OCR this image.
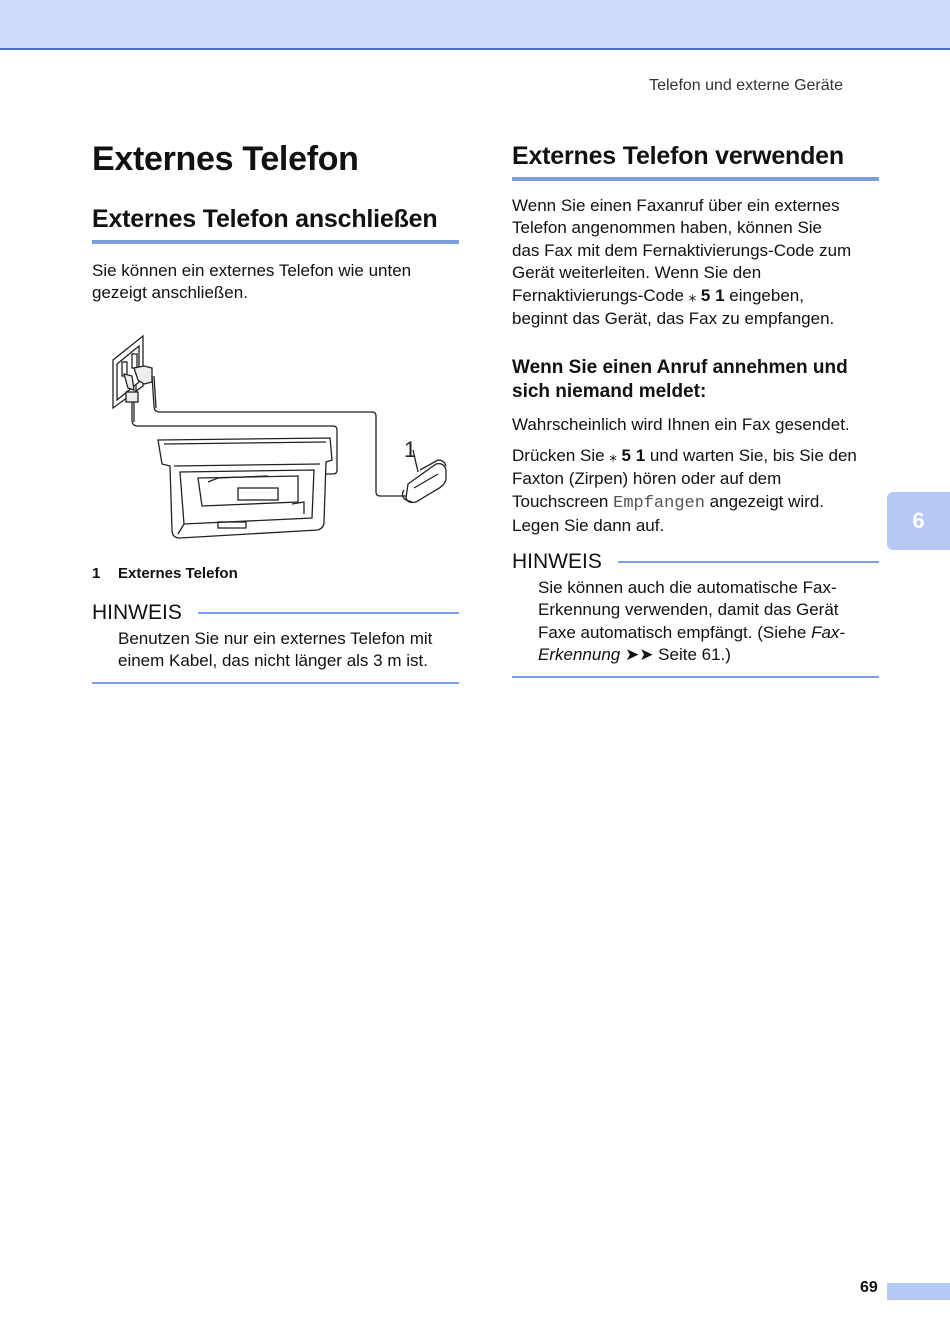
Telefon und externe Geräte
Externes Telefon
Externes Telefon anschließen
Sie können ein externes Telefon wie unten
gezeigt anschließen.
1
1 Externes Telefon
HINWEIS
Benutzen Sie nur ein externes Telefon mit
einem Kabel, das nicht länger als 3 m ist.
Externes Telefon verwenden
Wenn Sie einen Faxanruf über ein externes
Telefon angenommen haben, können Sie
das Fax mit dem Fernaktivierungs-Code zum
Gerät weiterleiten. Wenn Sie den
Fernaktivierungs-Code ⁎ 5 1 eingeben,
beginnt das Gerät, das Fax zu empfangen.
Wenn Sie einen Anruf annehmen und
sich niemand meldet:
Wahrscheinlich wird Ihnen ein Fax gesendet.
Drücken Sie ⁎ 5 1 und warten Sie, bis Sie den
Faxton (Zirpen) hören oder auf dem
Touchscreen Empfangen angezeigt wird.
Legen Sie dann auf.
HINWEIS
Sie können auch die automatische Fax-
Erkennung verwenden, damit das Gerät
Faxe automatisch empfängt. (Siehe Fax-
Erkennung ➤➤ Seite 61.)
6
69
